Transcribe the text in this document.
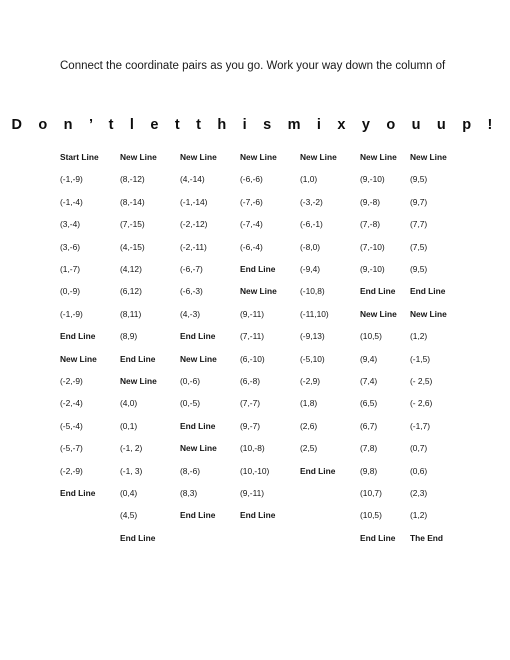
Connect the coordinate pairs as you go. Work your way down the column of
D o n ’ t l e t t h i s m i x y o u u p !
Start Line
(-1,-9)
(-1,-4)
(3,-4)
(3,-6)
(1,-7)
(0,-9)
(-1,-9)
End Line
New Line
(-2,-9)
(-2,-4)
(-5,-4)
(-5,-7)
(-2,-9)
End Line
New Line
(8,-12)
(8,-14)
(7,-15)
(4,-15)
(4,12)
(6,12)
(8,11)
(8,9)
End Line
New Line
(4,0)
(0,1)
(-1, 2)
(-1, 3)
(0,4)
(4,5)
End Line
New Line
(4,-14)
(-1,-14)
(-2,-12)
(-2,-11)
(-6,-7)
(-6,-3)
(4,-3)
End Line
New Line
(0,-6)
(0,-5)
End Line
New Line
(8,-6)
(8,3)
End Line
New Line
(-6,-6)
(-7,-6)
(-7,-4)
(-6,-4)
End Line
New Line
(9,-11)
(7,-11)
(6,-10)
(6,-8)
(7,-7)
(9,-7)
(10,-8)
(10,-10)
(9,-11)
End Line
New Line
(1,0)
(-3,-2)
(-6,-1)
(-8,0)
(-9,4)
(-10,8)
(-11,10)
(-9,13)
(-5,10)
(-2,9)
(1,8)
(2,6)
(2,5)
End Line
New Line
(9,-10)
(9,-8)
(7,-8)
(7,-10)
(9,-10)
End Line
New Line
(10,5)
(9,4)
(7,4)
(6,5)
(6,7)
(7,8)
(9,8)
(10,7)
(10,5)
End Line
New Line
(9,5)
(9,7)
(7,7)
(7,5)
(9,5)
End Line
New Line
(1,2)
(-1,5)
(- 2,5)
(- 2,6)
(-1,7)
(0,7)
(0,6)
(2,3)
(1,2)
The End
